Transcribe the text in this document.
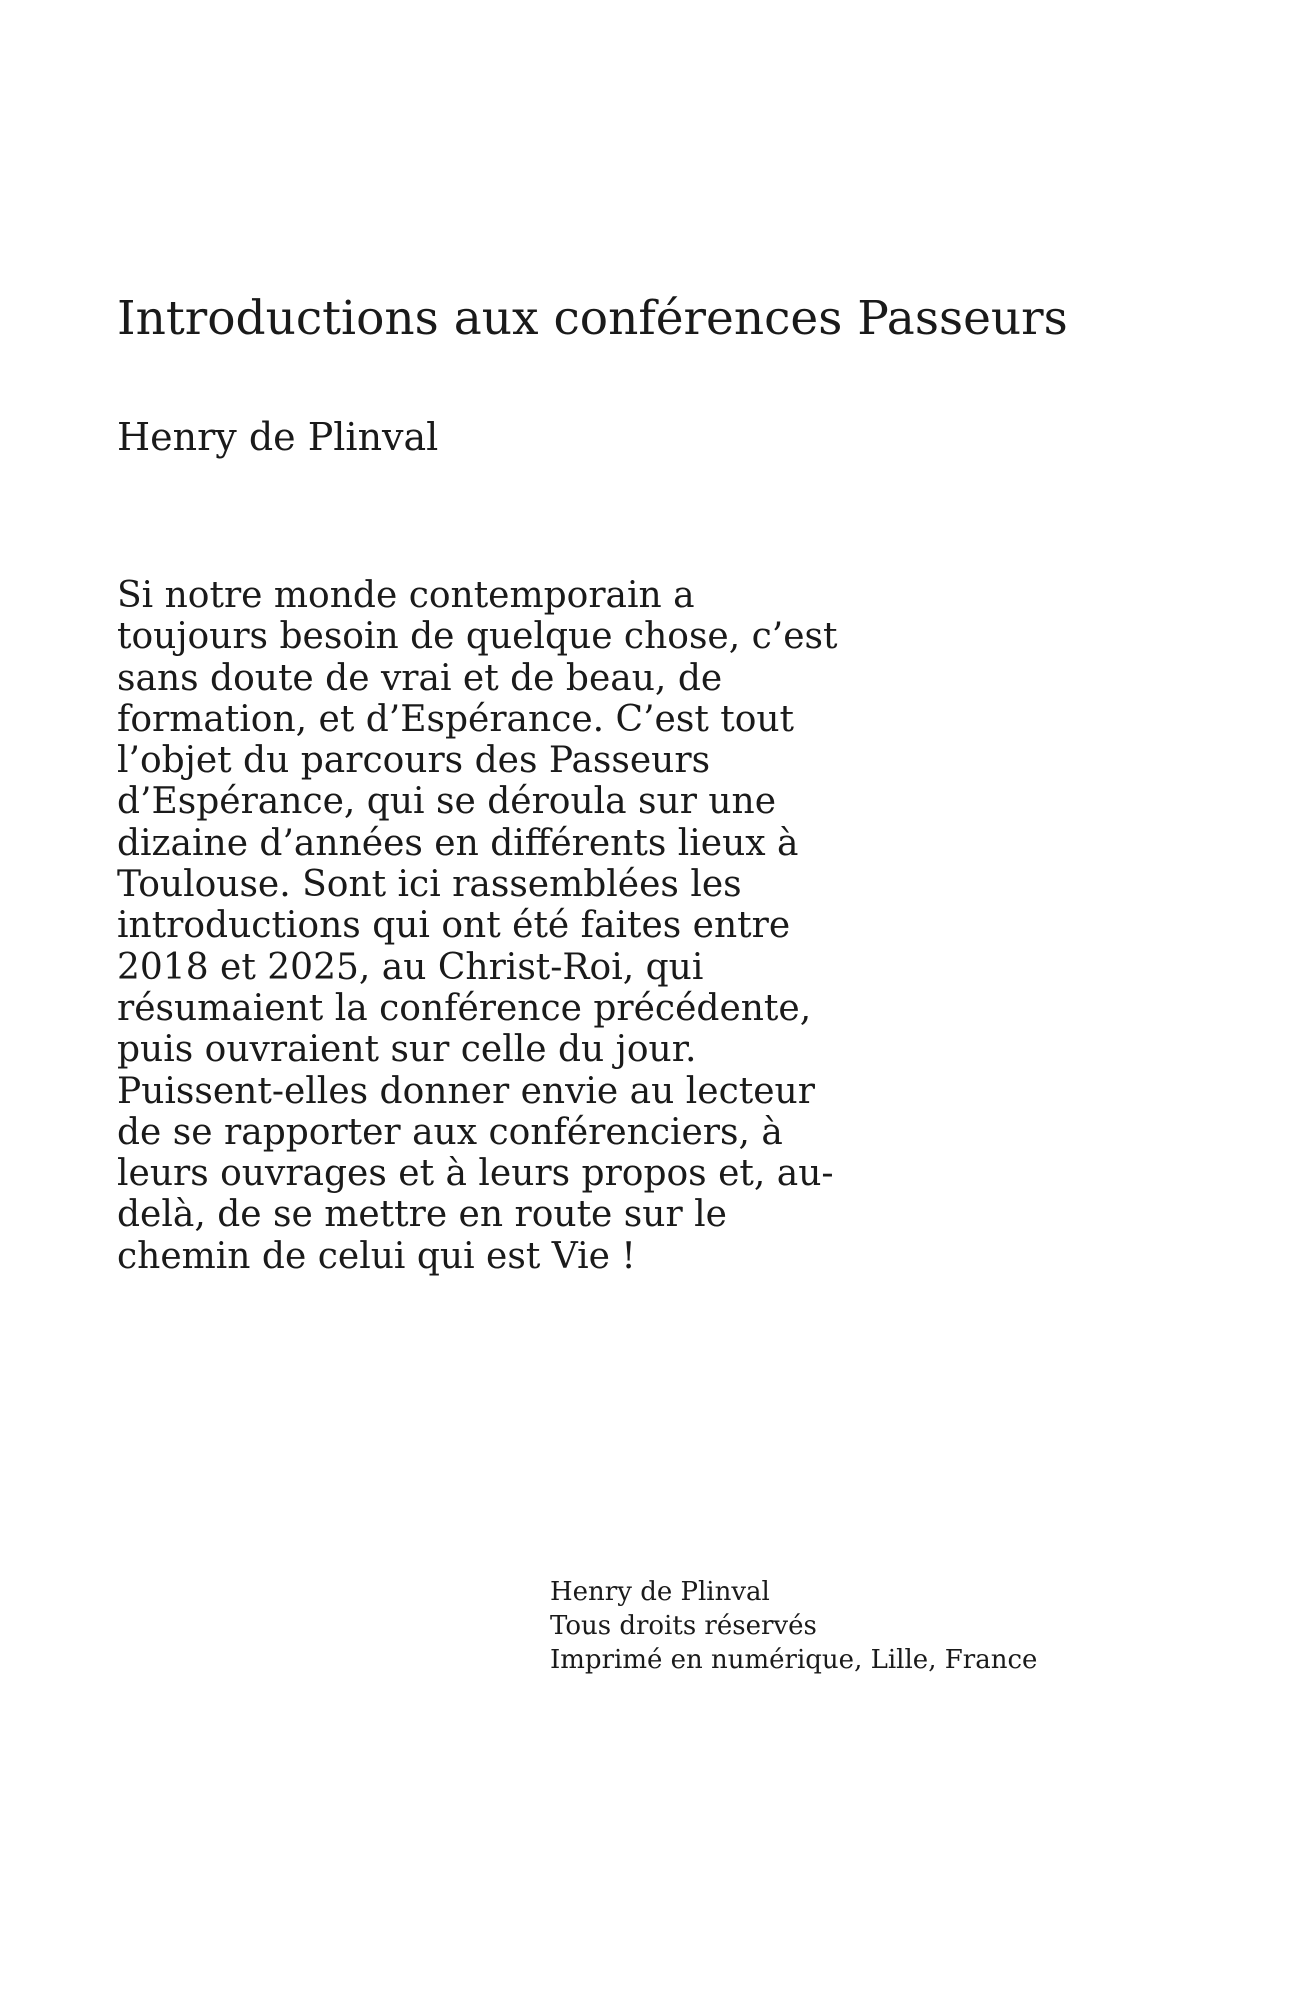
Introductions aux conférences Passeurs

Henry de Plinval

Si notre monde contemporain a
toujours besoin de quelque chose, c’est
sans doute de vrai et de beau, de
formation, et d’Espérance. C’est tout
l’objet du parcours des Passeurs
d’Espérance, qui se déroula sur une
dizaine d’années en différents lieux à
Toulouse. Sont ici rassemblées les
introductions qui ont été faites entre
2018 et 2025, au Christ-Roi, qui
résumaient la conférence précédente,
puis ouvraient sur celle du jour.
Puissent-elles donner envie au lecteur
de se rapporter aux conférenciers, à
leurs ouvrages et à leurs propos et, au-
delà, de se mettre en route sur le
chemin de celui qui est Vie !
Henry de Plinval
Tous droits réservés
Imprimé en numérique, Lille, France
